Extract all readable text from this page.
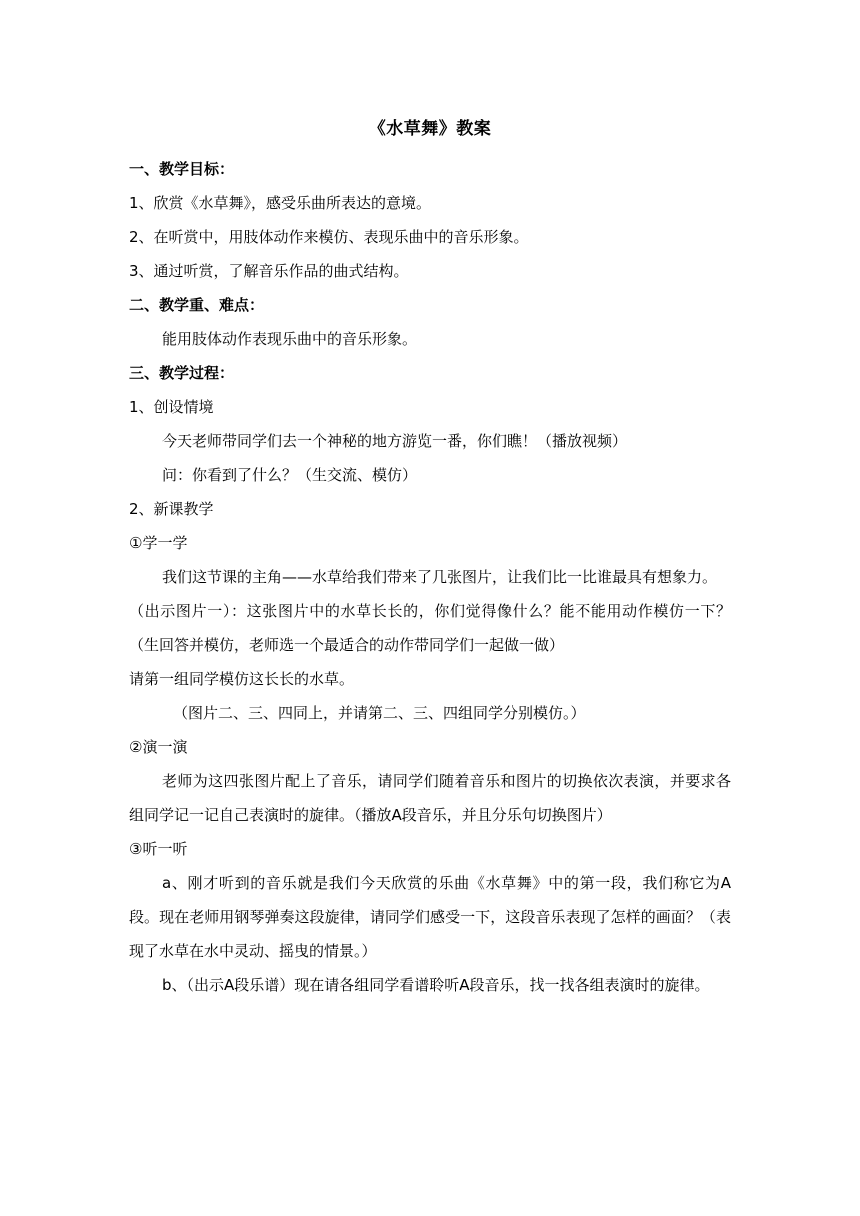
《水草舞》教案

一、教学目标：

1、欣赏《水草舞》，感受乐曲所表达的意境。

2、在听赏中，用肢体动作来模仿、表现乐曲中的音乐形象。

3、通过听赏，了解音乐作品的曲式结构。

二、教学重、难点：

能用肢体动作表现乐曲中的音乐形象。

三、教学过程：

1、创设情境

今天老师带同学们去一个神秘的地方游览一番，你们瞧！（播放视频）

问：你看到了什么？（生交流、模仿）

2、新课教学

①学一学

我们这节课的主角——水草给我们带来了几张图片，让我们比一比谁最具有想象力。

（出示图片一）：这张图片中的水草长长的，你们觉得像什么？能不能用动作模仿一下？（生回答并模仿，老师选一个最适合的动作带同学们一起做一做）

请第一组同学模仿这长长的水草。

（图片二、三、四同上，并请第二、三、四组同学分别模仿。）

②演一演

老师为这四张图片配上了音乐，请同学们随着音乐和图片的切换依次表演，并要求各组同学记一记自己表演时的旋律。（播放A段音乐，并且分乐句切换图片）

③听一听

a、刚才听到的音乐就是我们今天欣赏的乐曲《水草舞》中的第一段，我们称它为A段。现在老师用钢琴弹奏这段旋律，请同学们感受一下，这段音乐表现了怎样的画面？（表现了水草在水中灵动、摇曳的情景。）

b、（出示A段乐谱）现在请各组同学看谱聆听A段音乐，找一找各组表演时的旋律。
